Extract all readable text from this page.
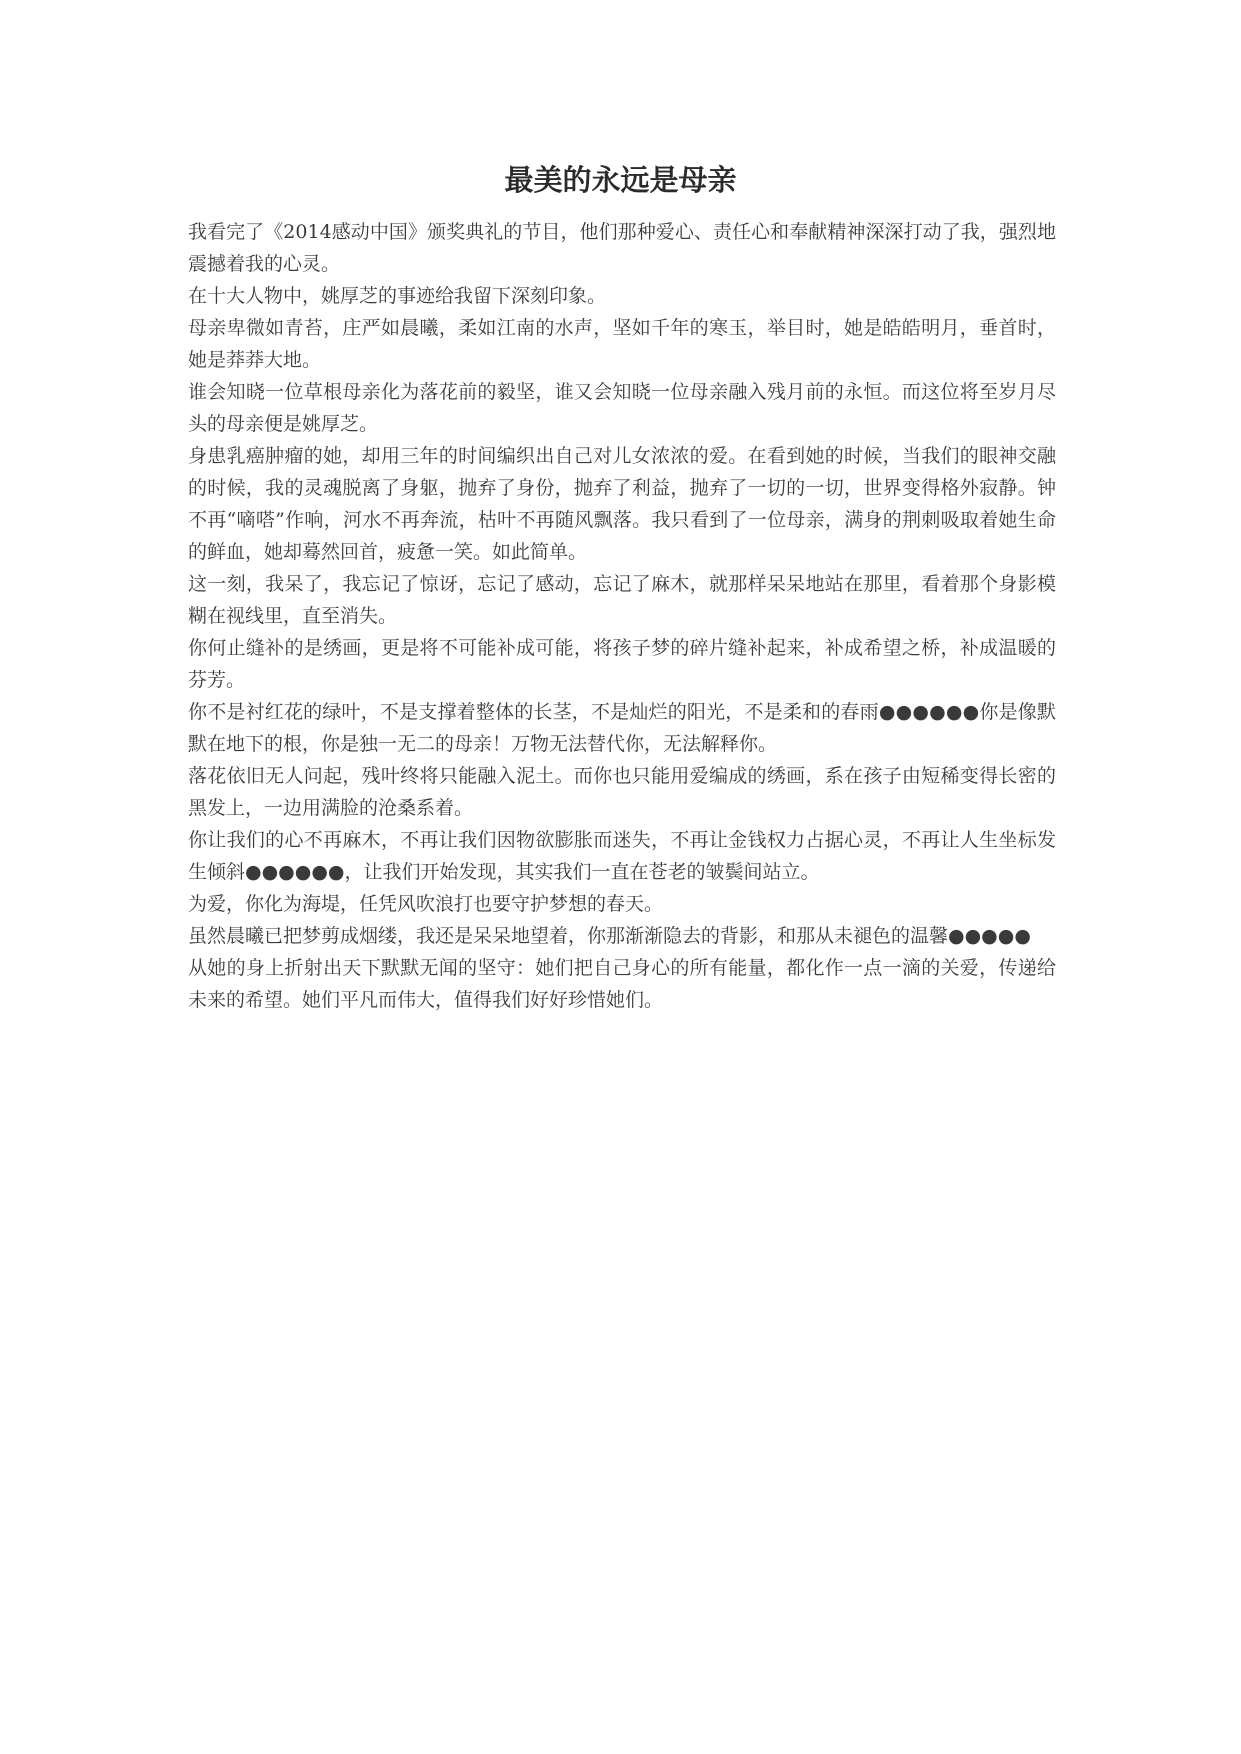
最美的永远是母亲

我看完了《2014感动中国》颁奖典礼的节目，他们那种爱心、责任心和奉献精神深深打动了我，强烈地震撼着我的心灵。

在十大人物中，姚厚芝的事迹给我留下深刻印象。

母亲卑微如青苔，庄严如晨曦，柔如江南的水声，坚如千年的寒玉，举目时，她是皓皓明月，垂首时，她是莽莽大地。

谁会知晓一位草根母亲化为落花前的毅坚，谁又会知晓一位母亲融入残月前的永恒。而这位将至岁月尽头的母亲便是姚厚芝。

身患乳癌肿瘤的她，却用三年的时间编织出自己对儿女浓浓的爱。在看到她的时候，当我们的眼神交融的时候，我的灵魂脱离了身躯，抛弃了身份，抛弃了利益，抛弃了一切的一切，世界变得格外寂静。钟不再“嘀嗒”作响，河水不再奔流，枯叶不再随风飘落。我只看到了一位母亲，满身的荆刺吸取着她生命的鲜血，她却蓦然回首，疲惫一笑。如此简单。

这一刻，我呆了，我忘记了惊讶，忘记了感动，忘记了麻木，就那样呆呆地站在那里，看着那个身影模糊在视线里，直至消失。

你何止缝补的是绣画，更是将不可能补成可能，将孩子梦的碎片缝补起来，补成希望之桥，补成温暖的芬芳。

你不是衬红花的绿叶，不是支撑着整体的长茎，不是灿烂的阳光，不是柔和的春雨●●●●●●你是像默默在地下的根，你是独一无二的母亲！万物无法替代你，无法解释你。

落花依旧无人问起，残叶终将只能融入泥土。而你也只能用爱编成的绣画，系在孩子由短稀变得长密的黑发上，一边用满脸的沧桑系着。

你让我们的心不再麻木，不再让我们因物欲膨胀而迷失，不再让金钱权力占据心灵，不再让人生坐标发生倾斜●●●●●●，让我们开始发现，其实我们一直在苍老的皱鬓间站立。

为爱，你化为海堤，任凭风吹浪打也要守护梦想的春天。

虽然晨曦已把梦剪成烟缕，我还是呆呆地望着，你那渐渐隐去的背影，和那从未褪色的温馨●●●●●

从她的身上折射出天下默默无闻的坚守：她们把自己身心的所有能量，都化作一点一滴的关爱，传递给未来的希望。她们平凡而伟大，值得我们好好珍惜她们。
